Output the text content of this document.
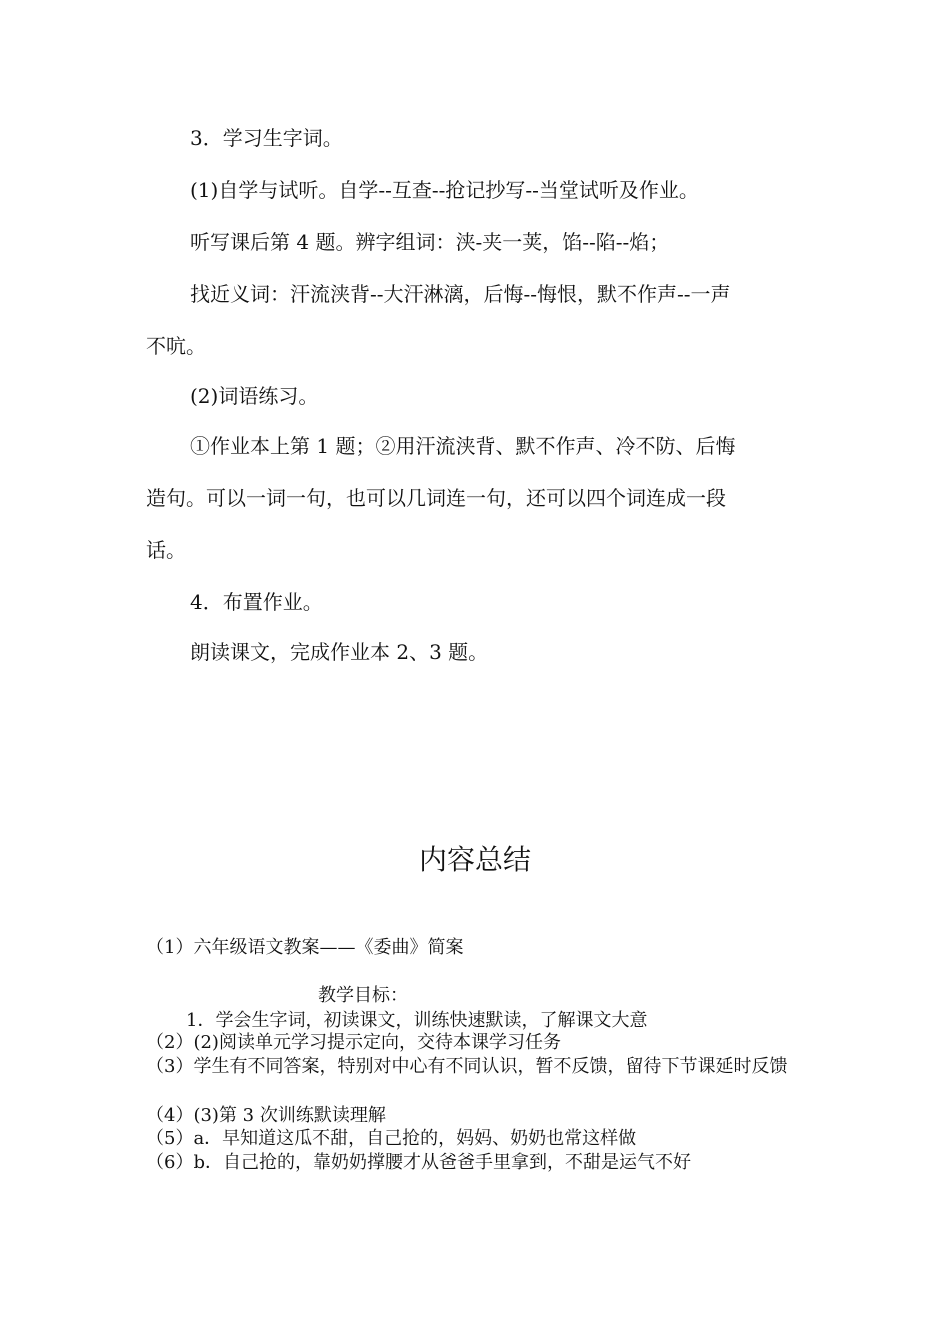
3．学习生字词。
(1)自学与试听。自学--互查--抢记抄写--当堂试听及作业。
听写课后第 4 题。辨字组词：浃-夹一荚，馅--陷--焰；
找近义词：汗流浃背--大汗淋漓，后悔--悔恨，默不作声--一声
不吭。
(2)词语练习。
①作业本上第 1 题；②用汗流浃背、默不作声、冷不防、后悔
造句。可以一词一句，也可以几词连一句，还可以四个词连成一段
话。
4．布置作业。
朗读课文，完成作业本 2、3 题。
内容总结
（1）六年级语文教案——《委曲》简案
教学目标：
1．学会生字词，初读课文，训练快速默读，了解课文大意
（2）(2)阅读单元学习提示定向，交待本课学习任务
（3）学生有不同答案，特别对中心有不同认识，暂不反馈，留待下节课延时反馈
（4）(3)第 3 次训练默读理解
（5）a．早知道这瓜不甜，自己抢的，妈妈、奶奶也常这样做
（6）b．自己抢的，靠奶奶撑腰才从爸爸手里拿到，不甜是运气不好
